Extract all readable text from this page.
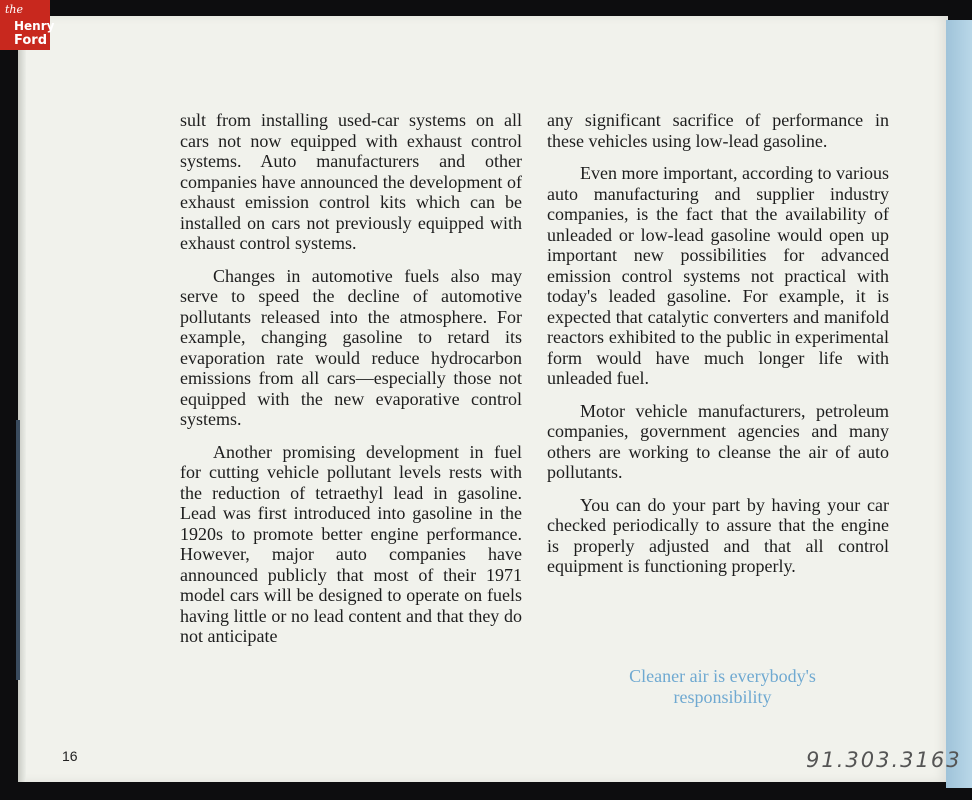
the
Henry
Ford

sult from installing used-car systems on all cars not now equipped with exhaust control systems. Auto manufacturers and other companies have announced the development of exhaust emission control kits which can be installed on cars not previously equipped with exhaust control systems.

Changes in automotive fuels also may serve to speed the decline of automotive pollutants released into the atmosphere. For example, changing gasoline to retard its evaporation rate would reduce hydrocarbon emissions from all cars—especially those not equipped with the new evaporative control systems.

Another promising development in fuel for cutting vehicle pollutant levels rests with the reduction of tetraethyl lead in gasoline. Lead was first introduced into gasoline in the 1920s to promote better engine performance. However, major auto companies have announced publicly that most of their 1971 model cars will be designed to operate on fuels having little or no lead content and that they do not anticipate

any significant sacrifice of performance in these vehicles using low-lead gasoline.

Even more important, according to various auto manufacturing and supplier industry companies, is the fact that the availability of unleaded or low-lead gasoline would open up important new possibilities for advanced emission control systems not practical with today's leaded gasoline. For example, it is expected that catalytic converters and manifold reactors exhibited to the public in experimental form would have much longer life with unleaded fuel.

Motor vehicle manufacturers, petroleum companies, government agencies and many others are working to cleanse the air of auto pollutants.

You can do your part by having your car checked periodically to assure that the engine is properly adjusted and that all control equipment is functioning properly.

Cleaner air is everybody's
responsibility
16	91.303.3163
